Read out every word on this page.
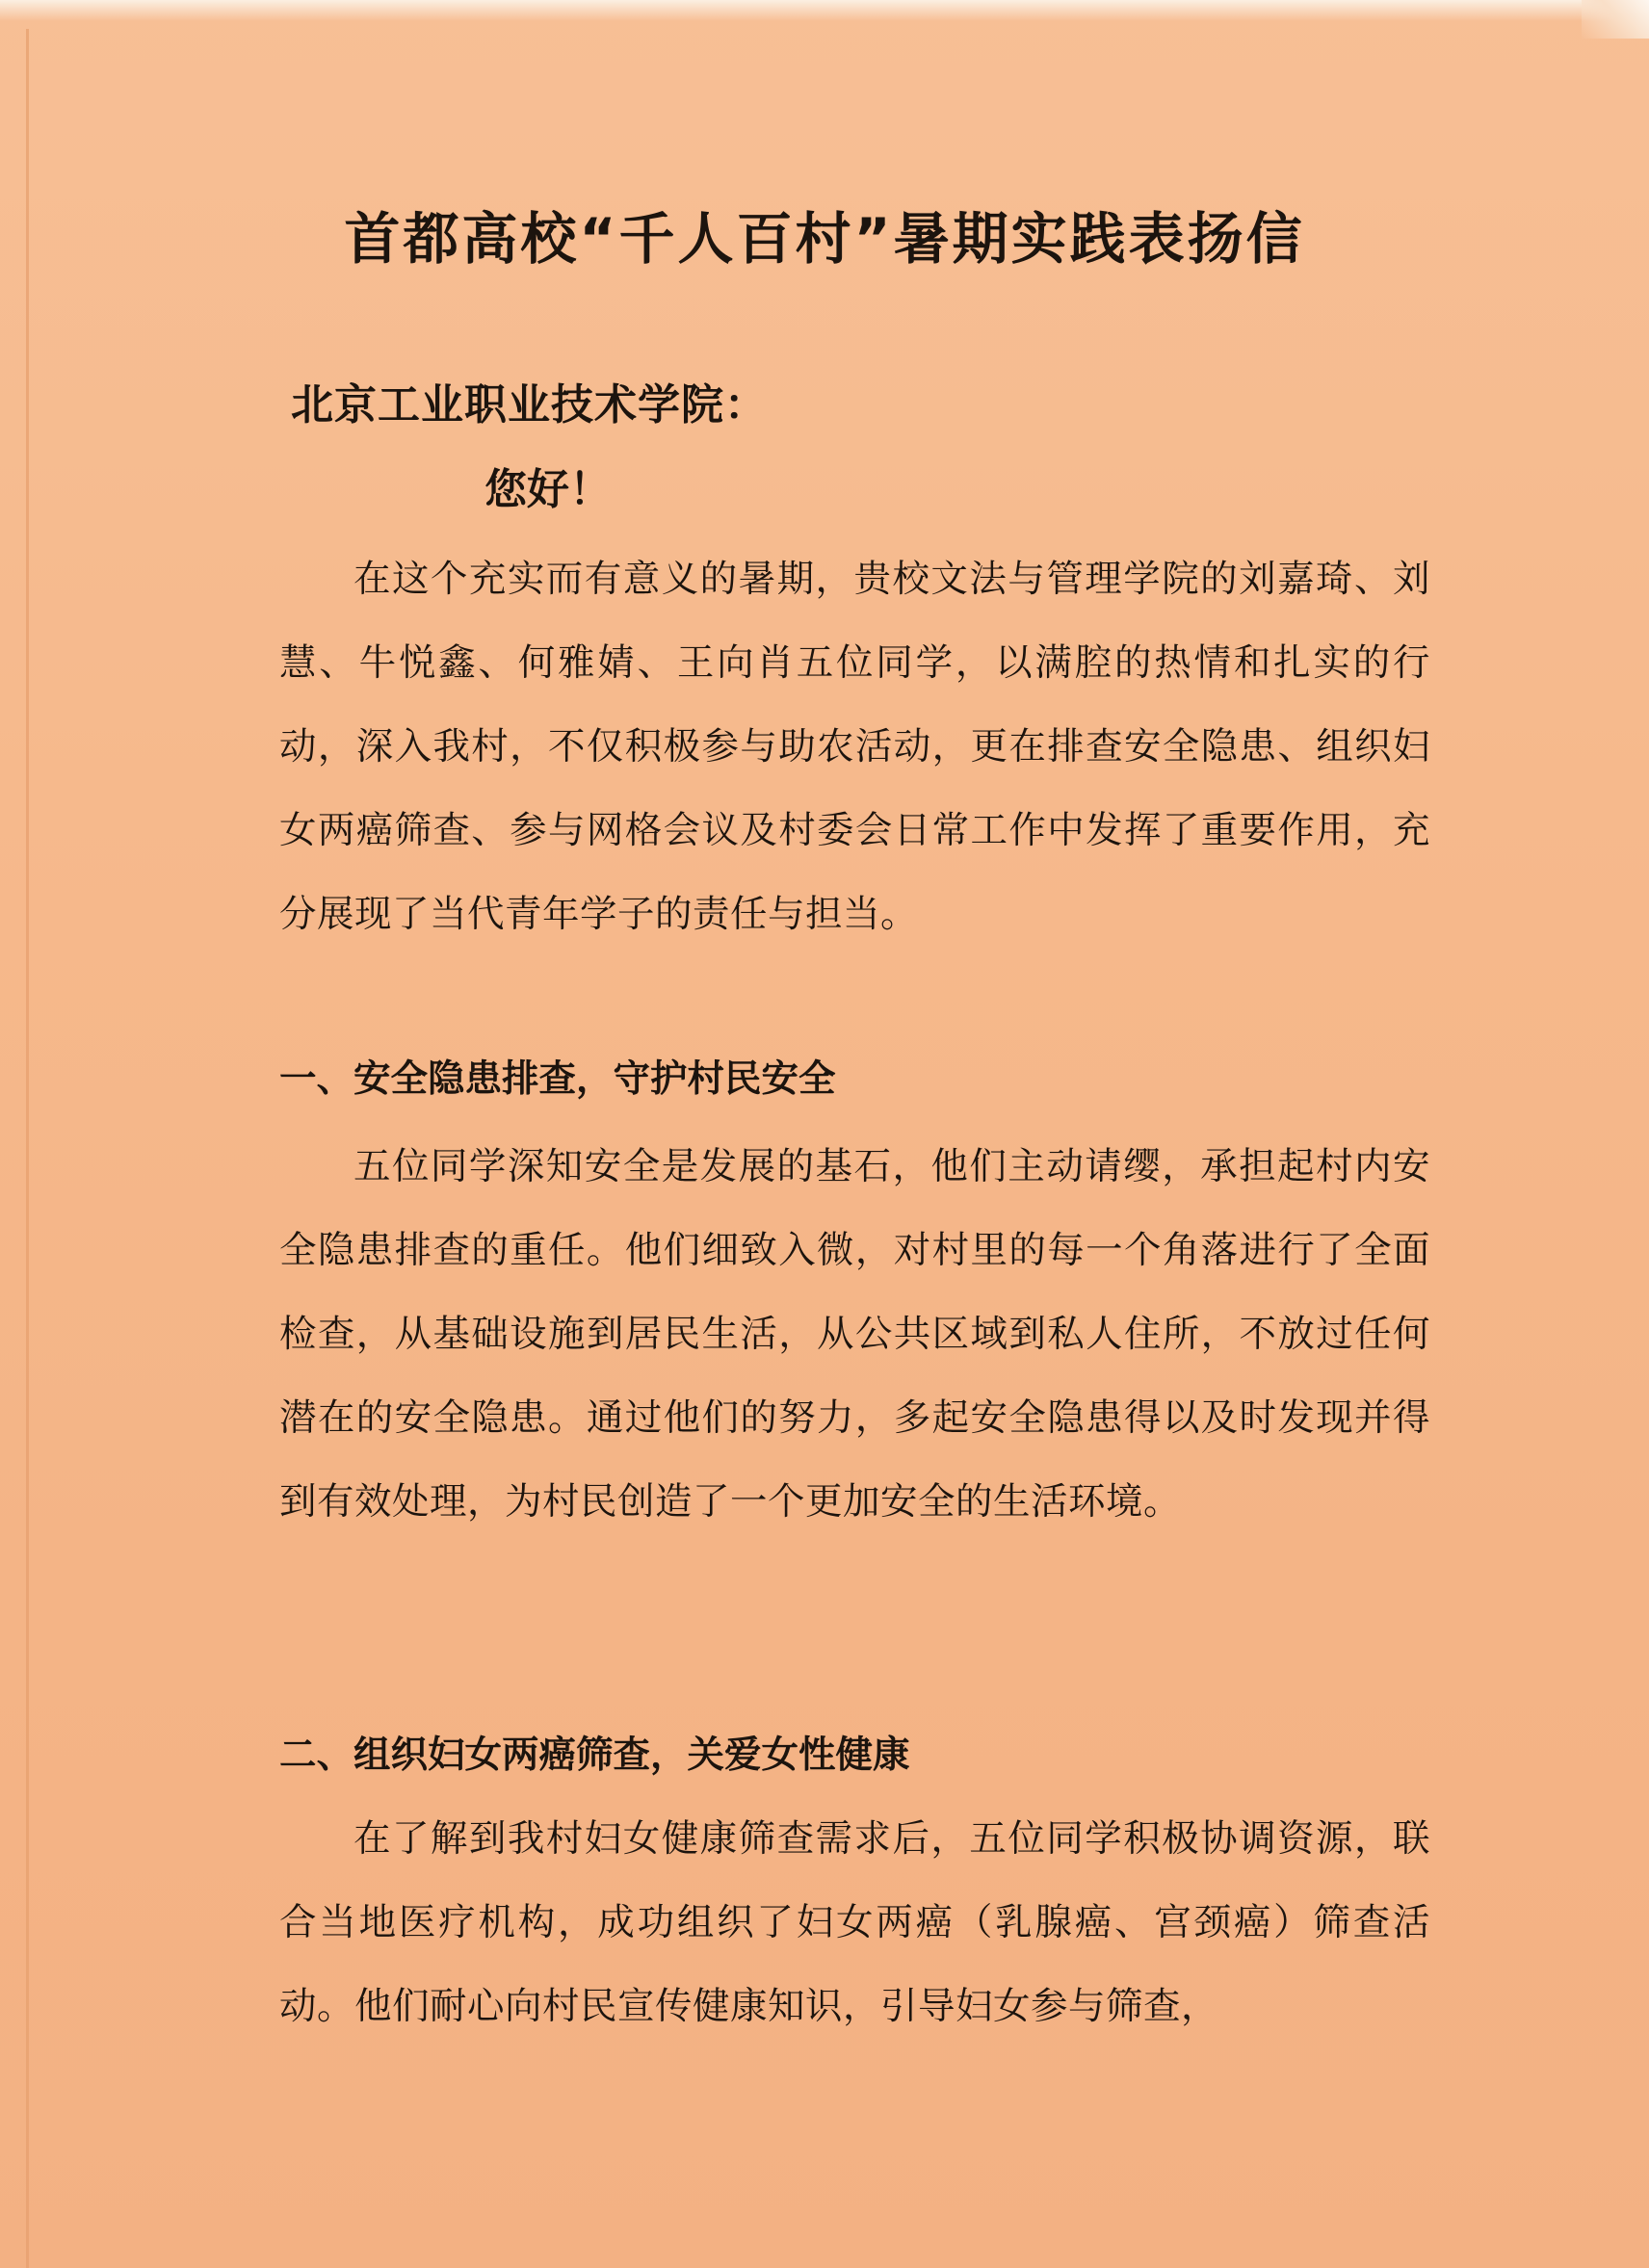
首都高校“千人百村”暑期实践表扬信
北京工业职业技术学院：
您好！

在这个充实而有意义的暑期，贵校文法与管理学院的刘嘉琦、刘慧、牛悦鑫、何雅婧、王向肖五位同学，以满腔的热情和扎实的行动，深入我村，不仅积极参与助农活动，更在排查安全隐患、组织妇女两癌筛查、参与网格会议及村委会日常工作中发挥了重要作用，充分展现了当代青年学子的责任与担当。

一、安全隐患排查，守护村民安全

五位同学深知安全是发展的基石，他们主动请缨，承担起村内安全隐患排查的重任。他们细致入微，对村里的每一个角落进行了全面检查，从基础设施到居民生活，从公共区域到私人住所，不放过任何潜在的安全隐患。通过他们的努力，多起安全隐患得以及时发现并得到有效处理，为村民创造了一个更加安全的生活环境。

二、组织妇女两癌筛查，关爱女性健康

在了解到我村妇女健康筛查需求后，五位同学积极协调资源，联合当地医疗机构，成功组织了妇女两癌（乳腺癌、宫颈癌）筛查活动。他们耐心向村民宣传健康知识，引导妇女参与筛查，
